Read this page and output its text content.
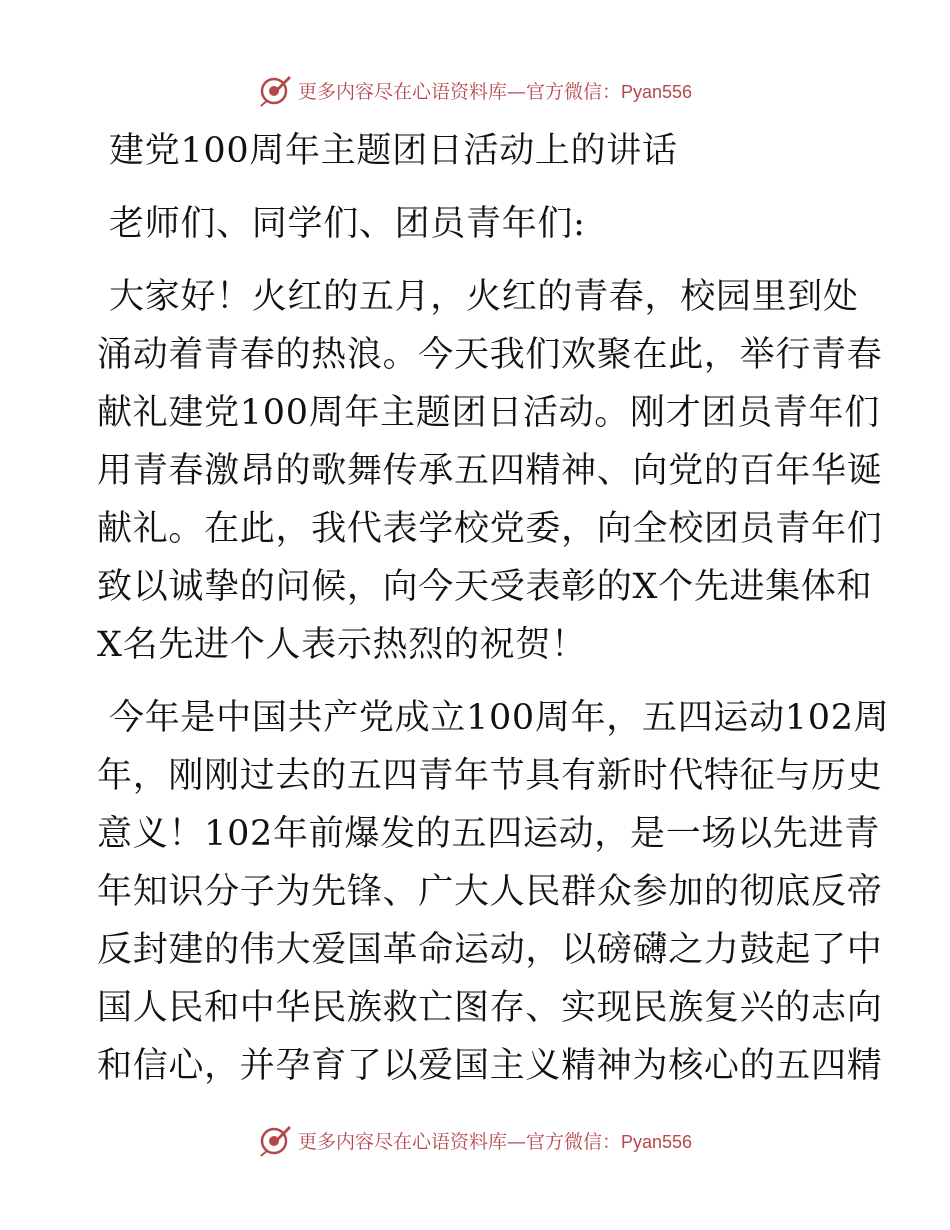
更多内容尽在心语资料库—官方微信：Pyan556
建党100周年主题团日活动上的讲话
老师们、同学们、团员青年们:
大家好！火红的五月，火红的青春，校园里到处
涌动着青春的热浪。今天我们欢聚在此，举行青春
献礼建党100周年主题团日活动。刚才团员青年们
用青春激昂的歌舞传承五四精神、向党的百年华诞
献礼。在此，我代表学校党委，向全校团员青年们
致以诚挚的问候，向今天受表彰的X个先进集体和
X名先进个人表示热烈的祝贺！
今年是中国共产党成立100周年，五四运动102周
年，刚刚过去的五四青年节具有新时代特征与历史
意义！102年前爆发的五四运动，是一场以先进青
年知识分子为先锋、广大人民群众参加的彻底反帝
反封建的伟大爱国革命运动，以磅礴之力鼓起了中
国人民和中华民族救亡图存、实现民族复兴的志向
和信心，并孕育了以爱国主义精神为核心的五四精
更多内容尽在心语资料库—官方微信：Pyan556
